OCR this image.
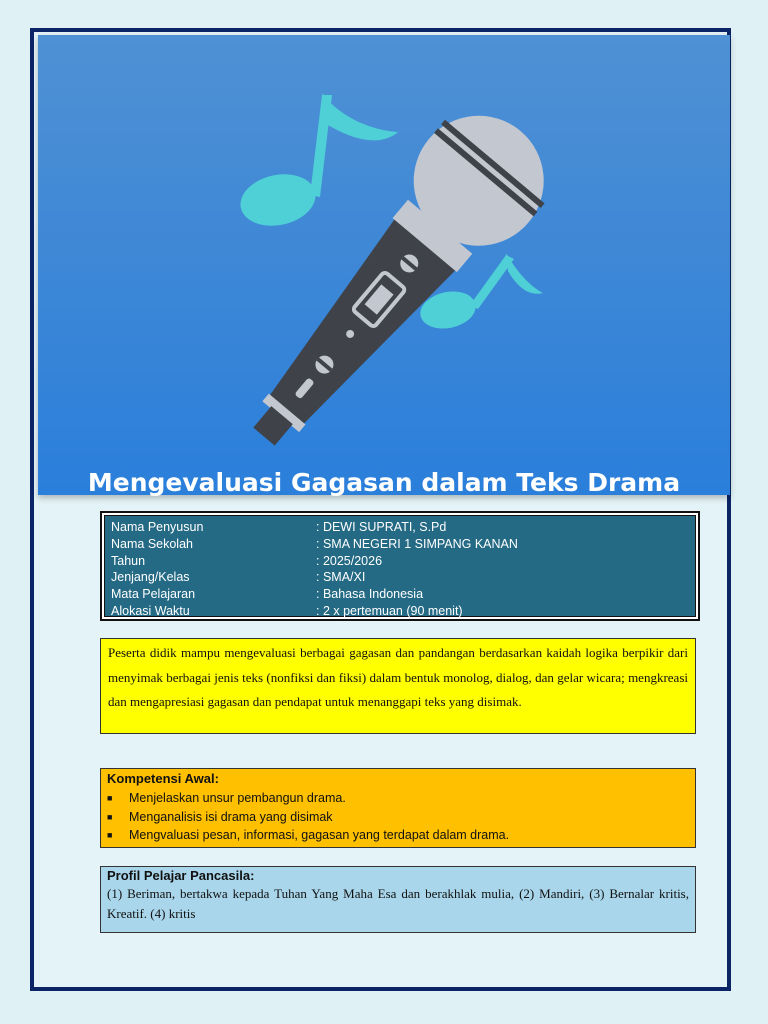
Mengevaluasi Gagasan dalam Teks Drama
Nama Penyusun	: DEWI SUPRATI, S.Pd
Nama Sekolah	: SMA NEGERI 1 SIMPANG KANAN
Tahun	: 2025/2026
Jenjang/Kelas	: SMA/XI
Mata Pelajaran	: Bahasa Indonesia
Alokasi Waktu	: 2 x pertemuan (90 menit)
Peserta didik mampu mengevaluasi berbagai gagasan dan pandangan berdasarkan kaidah logika berpikir dari menyimak berbagai jenis teks (nonfiksi dan fiksi) dalam bentuk monolog, dialog, dan gelar wicara; mengkreasi dan mengapresiasi gagasan dan pendapat untuk menanggapi teks yang disimak.
Kompetensi Awal:
■	Menjelaskan unsur pembangun drama.
■	Menganalisis isi drama yang disimak
■	Mengvaluasi pesan, informasi, gagasan yang terdapat dalam drama.
Profil Pelajar Pancasila:
(1) Beriman, bertakwa kepada Tuhan Yang Maha Esa dan berakhlak mulia, (2) Mandiri, (3) Bernalar kritis, Kreatif. (4) kritis
